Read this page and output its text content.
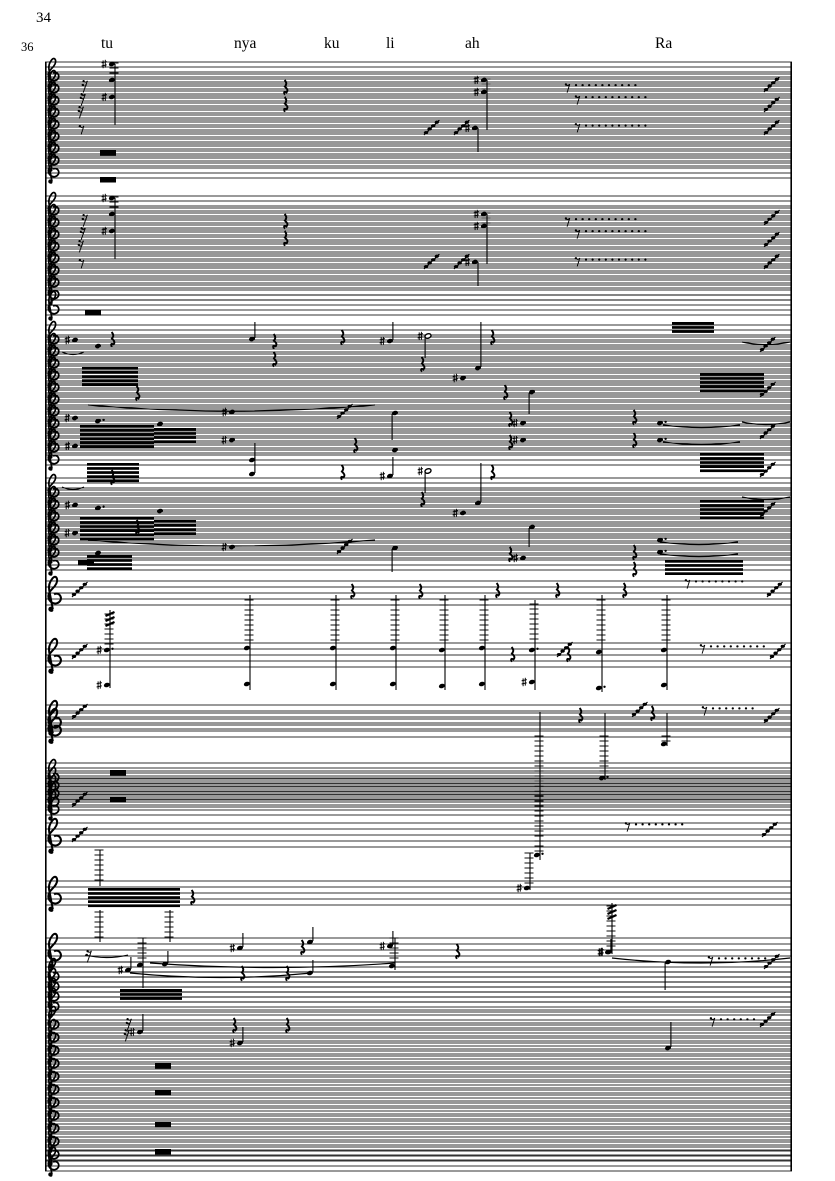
34
36	tu	nya	ku	li	ah	Ra
